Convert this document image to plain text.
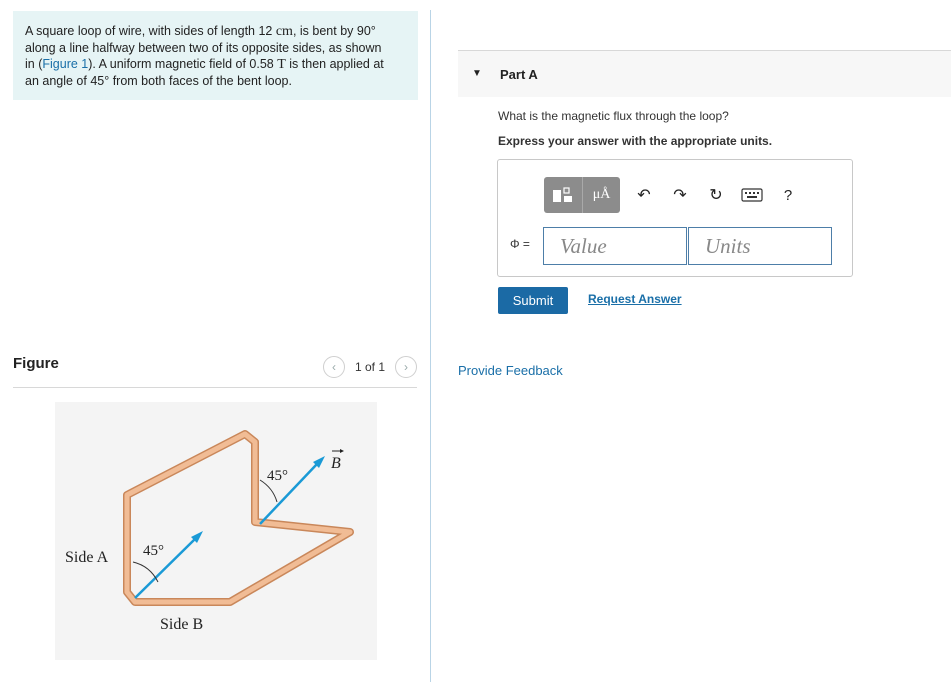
A square loop of wire, with sides of length 12 cm, is bent by 90°
along a line halfway between two of its opposite sides, as shown
in (Figure 1). A uniform magnetic field of 0.58 T is then applied at
an angle of 45° from both faces of the bent loop.
Figure	‹	1 of 1	›
45°
45°
B
Side A
Side B
▼ Part A
What is the magnetic flux through the loop?
Express your answer with the appropriate units.
μÅ	↶	↷	↻	?
Φ =
Value
Units
Submit	Request Answer
Provide Feedback
